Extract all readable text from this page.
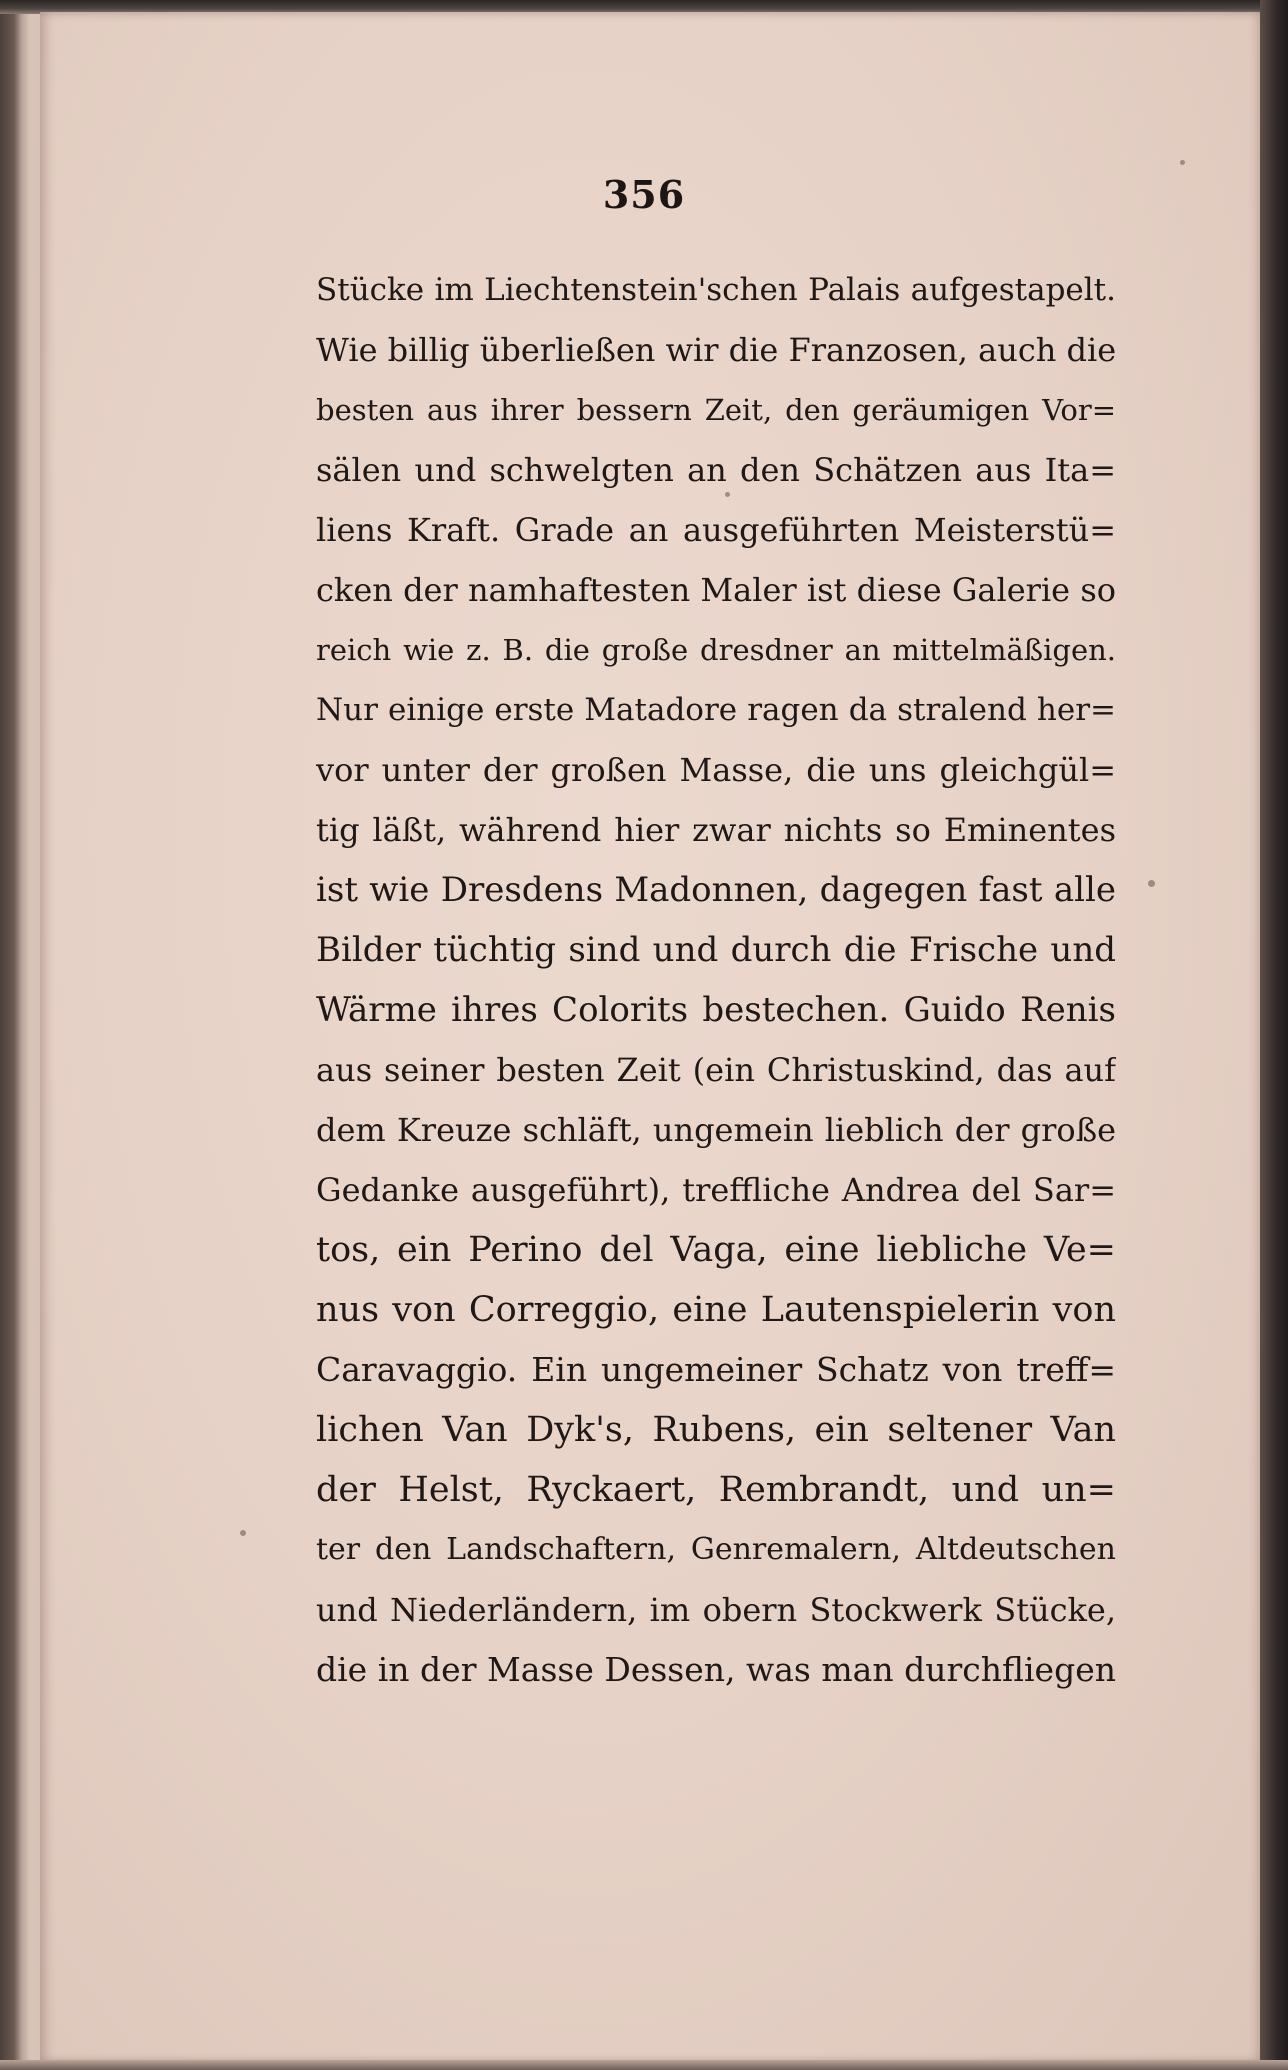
356
Stücke im Liechtenstein'schen Palais aufgestapelt.
Wie billig überließen wir die Franzosen, auch die
besten aus ihrer bessern Zeit, den geräumigen Vor=
sälen und schwelgten an den Schätzen aus Ita=
liens Kraft. Grade an ausgeführten Meisterstü=
cken der namhaftesten Maler ist diese Galerie so
reich wie z. B. die große dresdner an mittelmäßigen.
Nur einige erste Matadore ragen da stralend her=
vor unter der großen Masse, die uns gleichgül=
tig läßt, während hier zwar nichts so Eminentes
ist wie Dresdens Madonnen, dagegen fast alle
Bilder tüchtig sind und durch die Frische und
Wärme ihres Colorits bestechen. Guido Renis
aus seiner besten Zeit (ein Christuskind, das auf
dem Kreuze schläft, ungemein lieblich der große
Gedanke ausgeführt), treffliche Andrea del Sar=
tos, ein Perino del Vaga, eine liebliche Ve=
nus von Correggio, eine Lautenspielerin von
Caravaggio. Ein ungemeiner Schatz von treff=
lichen Van Dyk's, Rubens, ein seltener Van
der Helst, Ryckaert, Rembrandt, und un=
ter den Landschaftern, Genremalern, Altdeutschen
und Niederländern, im obern Stockwerk Stücke,
die in der Masse Dessen, was man durchfliegen
